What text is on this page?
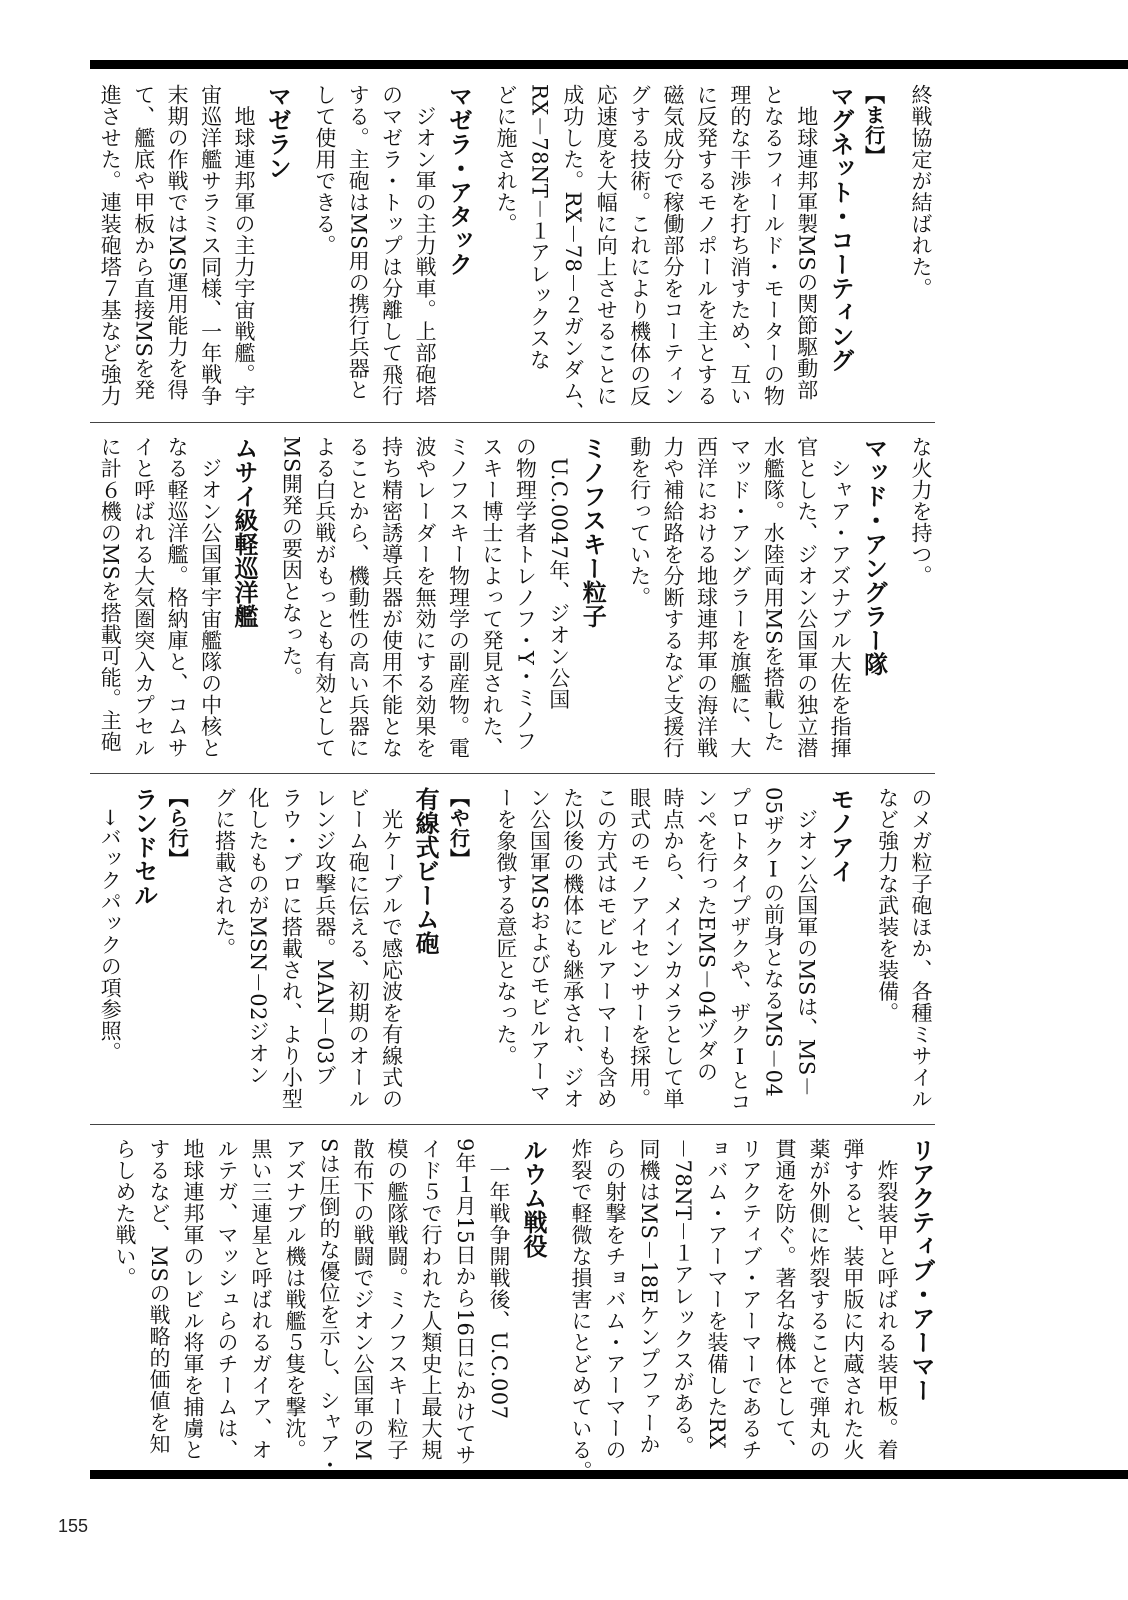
終戦協定が結ばれた。
【ま行】
マグネット・コーティング
　地球連邦軍製MSの関節駆動部
となるフィールド・モーターの物
理的な干渉を打ち消すため、互い
に反発するモノポールを主とする
磁気成分で稼働部分をコーティン
グする技術。これにより機体の反
応速度を大幅に向上させることに
成功した。RX－78－２ガンダム、
RX－78NT－１アレックスな
どに施された。
マゼラ・アタック
　ジオン軍の主力戦車。上部砲塔
のマゼラ・トップは分離して飛行
する。主砲はMS用の携行兵器と
して使用できる。
マゼラン
　地球連邦軍の主力宇宙戦艦。宇
宙巡洋艦サラミス同様、一年戦争
末期の作戦ではMS運用能力を得
て、艦底や甲板から直接MSを発
進させた。連装砲塔７基など強力
な火力を持つ。
マッド・アングラー隊
　シャア・アズナブル大佐を指揮
官とした、ジオン公国軍の独立潜
水艦隊。水陸両用MSを搭載した
マッド・アングラーを旗艦に、大
西洋における地球連邦軍の海洋戦
力や補給路を分断するなど支援行
動を行っていた。
ミノフスキー粒子
　U.C.0047年、ジオン公国
の物理学者トレノフ・Y・ミノフ
スキー博士によって発見された、
ミノフスキー物理学の副産物。電
波やレーダーを無効にする効果を
持ち精密誘導兵器が使用不能とな
ることから、機動性の高い兵器に
よる白兵戦がもっとも有効として
MS開発の要因となった。
ムサイ級軽巡洋艦
　ジオン公国軍宇宙艦隊の中核と
なる軽巡洋艦。格納庫と、コムサ
イと呼ばれる大気圏突入カプセル
に計６機のMSを搭載可能。主砲
のメガ粒子砲ほか、各種ミサイル
など強力な武装を装備。
モノアイ
　ジオン公国軍のMSは、MS－
05ザクⅠの前身となるMS－04
プロトタイプザクや、ザクⅠとコ
ンペを行ったEMS－04ヅダの
時点から、メインカメラとして単
眼式のモノアイセンサーを採用。
この方式はモビルアーマーも含め
た以後の機体にも継承され、ジオ
ン公国軍MSおよびモビルアーマ
ーを象徴する意匠となった。
【や行】
有線式ビーム砲
　光ケーブルで感応波を有線式の
ビーム砲に伝える、初期のオール
レンジ攻撃兵器。MAN－03ブ
ラウ・ブロに搭載され、より小型
化したものがMSN－02ジオン
グに搭載された。
【ら行】
ランドセル
　→バックパックの項参照。
リアクティブ・アーマー
　炸裂装甲と呼ばれる装甲板。着
弾すると、装甲版に内蔵された火
薬が外側に炸裂することで弾丸の
貫通を防ぐ。著名な機体として、
リアクティブ・アーマーであるチ
ョバム・アーマーを装備したRX
－78NT－１アレックスがある。
同機はMS－18Eケンプファーか
らの射撃をチョバム・アーマーの
炸裂で軽微な損害にとどめている。
ルウム戦役
　一年戦争開戦後、U.C.007
9年１月15日から16日にかけてサ
イド５で行われた人類史上最大規
模の艦隊戦闘。ミノフスキー粒子
散布下の戦闘でジオン公国軍のM
Sは圧倒的な優位を示し、シャア・
アズナブル機は戦艦５隻を撃沈。
黒い三連星と呼ばれるガイア、オ
ルテガ、マッシュらのチームは、
地球連邦軍のレビル将軍を捕虜と
するなど、MSの戦略的価値を知
らしめた戦い。
155
